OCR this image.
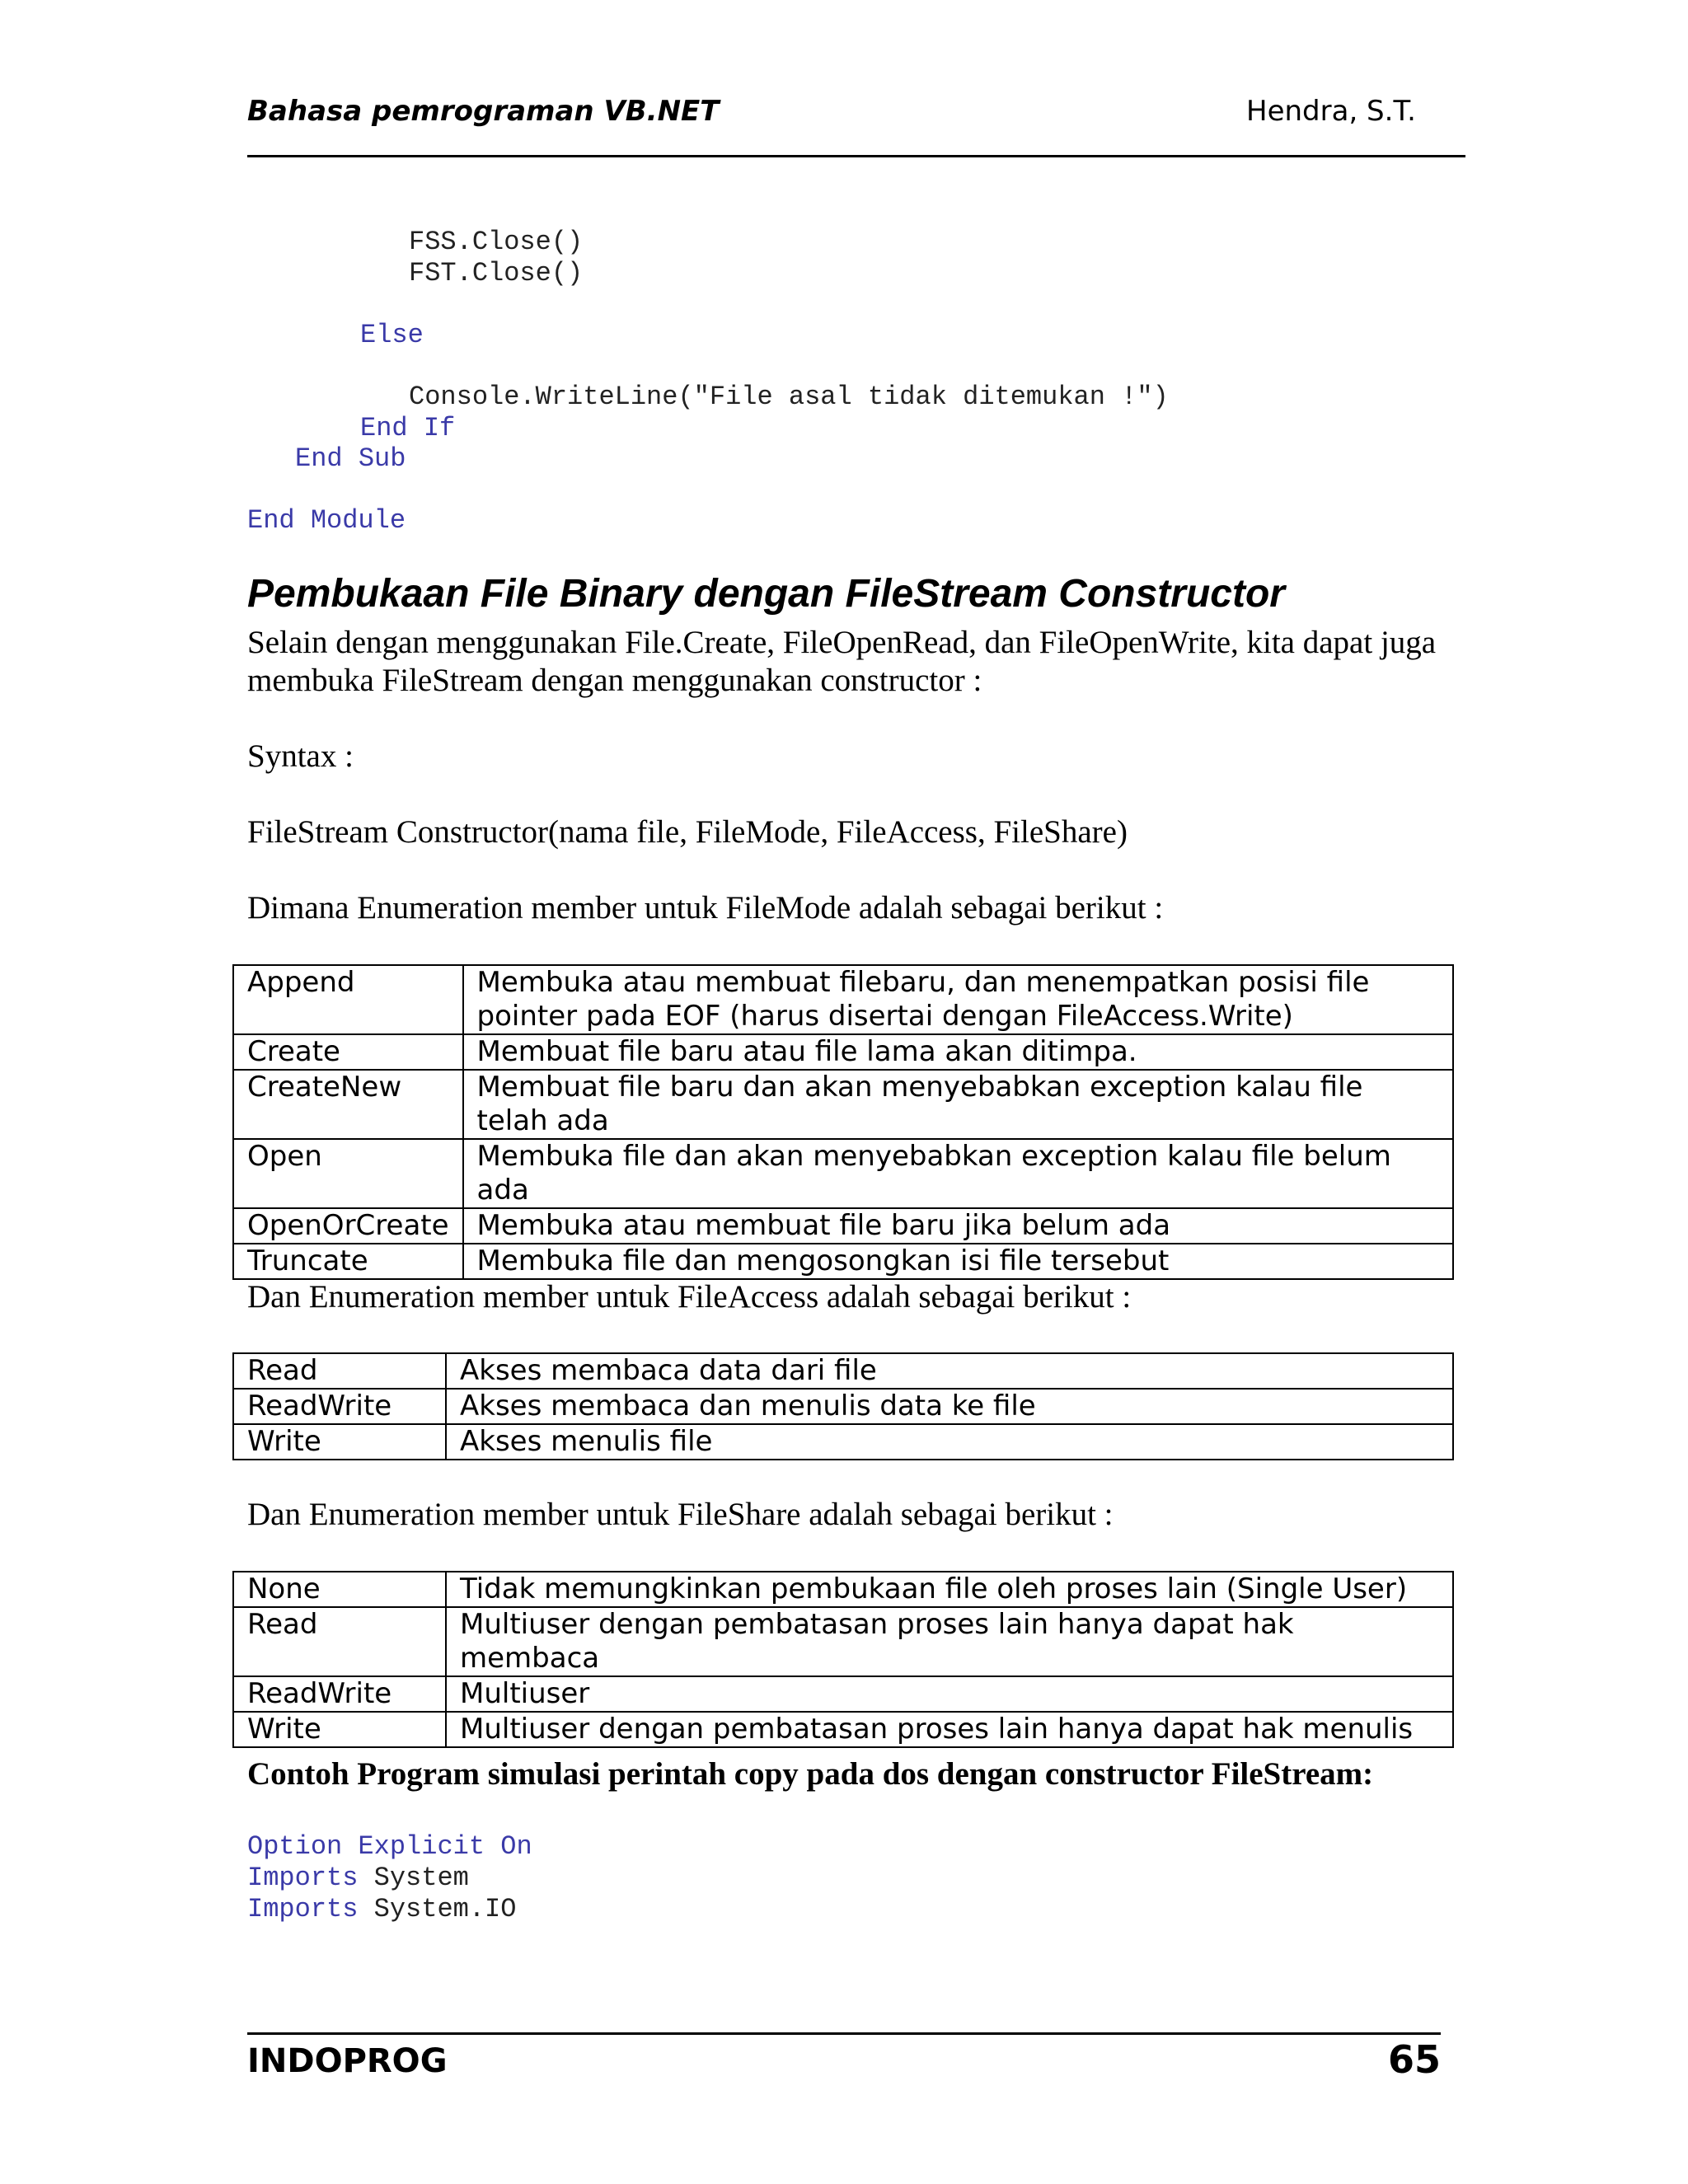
Bahasa pemrograman VB.NET	Hendra, S.T.
FSS.Close()
FST.Close()
Else
Console.WriteLine("File asal tidak ditemukan !")
End If
End Sub
End Module
Pembukaan File Binary dengan FileStream Constructor
Selain dengan menggunakan File.Create, FileOpenRead, dan FileOpenWrite, kita dapat juga membuka FileStream dengan menggunakan constructor :
Syntax :
FileStream Constructor(nama file, FileMode, FileAccess, FileShare)
Dimana Enumeration member untuk FileMode adalah sebagai berikut :
Append	Membuka atau membuat filebaru, dan menempatkan posisi file pointer pada EOF (harus disertai dengan FileAccess.Write)
Create	Membuat file baru atau file lama akan ditimpa.
CreateNew	Membuat file baru dan akan menyebabkan exception kalau file telah ada
Open	Membuka file dan akan menyebabkan exception kalau file belum ada
OpenOrCreate	Membuka atau membuat file baru jika belum ada
Truncate	Membuka file dan mengosongkan isi file tersebut
Dan Enumeration member untuk FileAccess adalah sebagai berikut :
Read	Akses membaca data dari file
ReadWrite	Akses membaca dan menulis data ke file
Write	Akses menulis file
Dan Enumeration member untuk FileShare adalah sebagai berikut :
None	Tidak memungkinkan pembukaan file oleh proses lain (Single User)
Read	Multiuser dengan pembatasan proses lain hanya dapat hak membaca
ReadWrite	Multiuser
Write	Multiuser dengan pembatasan proses lain hanya dapat hak menulis
Contoh Program simulasi perintah copy pada dos dengan constructor FileStream:
Option Explicit On
Imports System
Imports System.IO
INDOPROG	65
